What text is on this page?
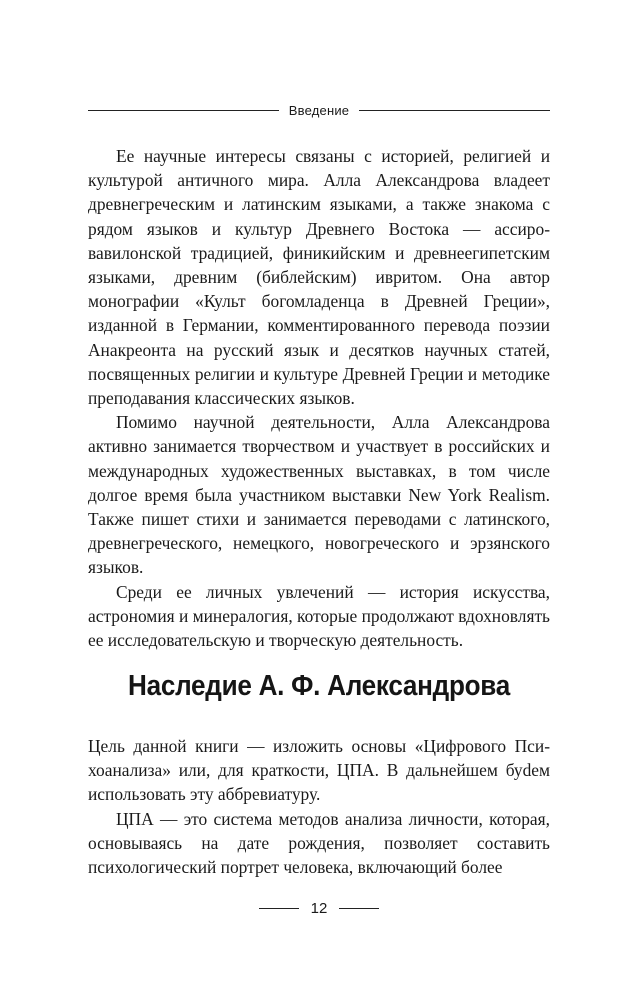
Введение

Ее научные интересы связаны с историей, религией и культурой античного мира. Алла Александрова владеет древнегреческим и латинским языками, а также знакома с рядом языков и культур Древнего Востока — ассировавилонской традицией, финикийским и древнеегипетским языками, древним (библейским) ивритом. Она автор монографии «Культ богомладенца в Древней Греции», изданной в Германии, комментированного перевода поэзии Анакреонта на русский язык и десятков научных статей, посвященных религии и культуре Древней Греции и методике преподавания классических языков.

Помимо научной деятельности, Алла Александрова активно занимается творчеством и участвует в российских и международных художественных выставках, в том числе долгое время была участником выставки New York Realism. Также пишет стихи и занимается переводами с латинского, древнегреческого, немецкого, новогреческого и эрзянского языков.

Среди ее личных увлечений — история искусства, астрономия и минералогия, которые продолжают вдохновлять ее исследовательскую и творческую деятельность.

Наследие А. Ф. Александрова

Цель данной книги — изложить основы «Цифрового Психоанализа» или, для краткости, ЦПА. В дальнейшем буdем использовать эту аббревиатуру.

ЦПА — это система методов анализа личности, которая, основываясь на дате рождения, позволяет составить психологический портрет человека, включающий более

12
